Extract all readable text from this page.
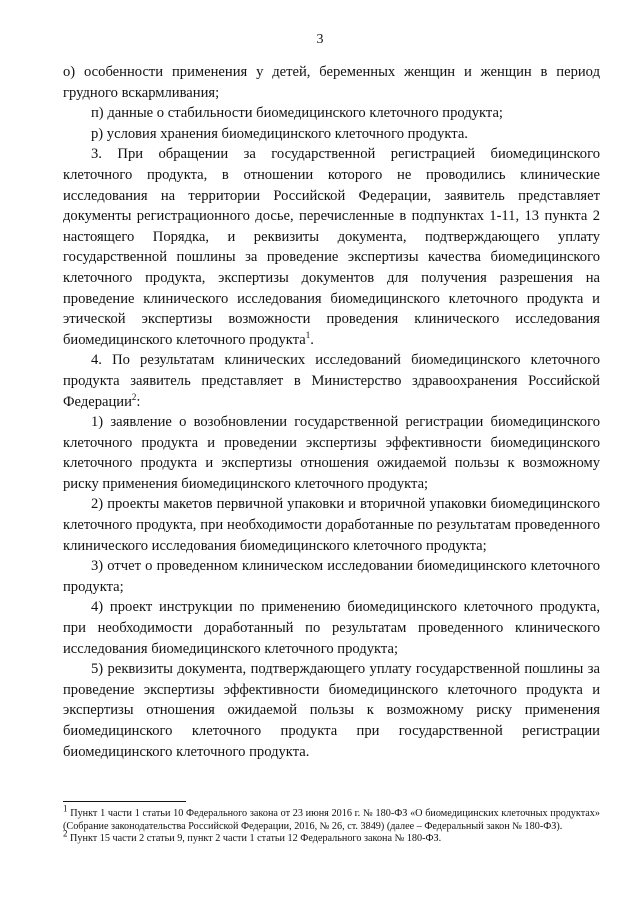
3

о) особенности применения у детей, беременных женщин и женщин в период грудного вскармливания;

п) данные о стабильности биомедицинского клеточного продукта;

р) условия хранения биомедицинского клеточного продукта.

3. При обращении за государственной регистрацией биомедицинского клеточного продукта, в отношении которого не проводились клинические исследования на территории Российской Федерации, заявитель представляет документы регистрационного досье, перечисленные в подпунктах 1-11, 13 пункта 2 настоящего Порядка, и реквизиты документа, подтверждающего уплату государственной пошлины за проведение экспертизы качества биомедицинского клеточного продукта, экспертизы документов для получения разрешения на проведение клинического исследования биомедицинского клеточного продукта и этической экспертизы возможности проведения клинического исследования биомедицинского клеточного продукта$^1$.

4. По результатам клинических исследований биомедицинского клеточного продукта заявитель представляет в Министерство здравоохранения Российской Федерации$^2$:

1) заявление о возобновлении государственной регистрации биомедицинского клеточного продукта и проведении экспертизы эффективности биомедицинского клеточного продукта и экспертизы отношения ожидаемой пользы к возможному риску применения биомедицинского клеточного продукта;

2) проекты макетов первичной упаковки и вторичной упаковки биомедицинского клеточного продукта, при необходимости доработанные по результатам проведенного клинического исследования биомедицинского клеточного продукта;

3) отчет о проведенном клиническом исследовании биомедицинского клеточного продукта;

4) проект инструкции по применению биомедицинского клеточного продукта, при необходимости доработанный по результатам проведенного клинического исследования биомедицинского клеточного продукта;

5) реквизиты документа, подтверждающего уплату государственной пошлины за проведение экспертизы эффективности биомедицинского клеточного продукта и экспертизы отношения ожидаемой пользы к возможному риску применения биомедицинского клеточного продукта при государственной регистрации биомедицинского клеточного продукта.

$^1$ Пункт 1 части 1 статьи 10 Федерального закона от 23 июня 2016 г. № 180-ФЗ «О биомедицинских клеточных продуктах» (Собрание законодательства Российской Федерации, 2016, № 26, ст. 3849) (далее – Федеральный закон № 180-ФЗ).

$^2$ Пункт 15 части 2 статьи 9, пункт 2 части 1 статьи 12 Федерального закона № 180-ФЗ.
